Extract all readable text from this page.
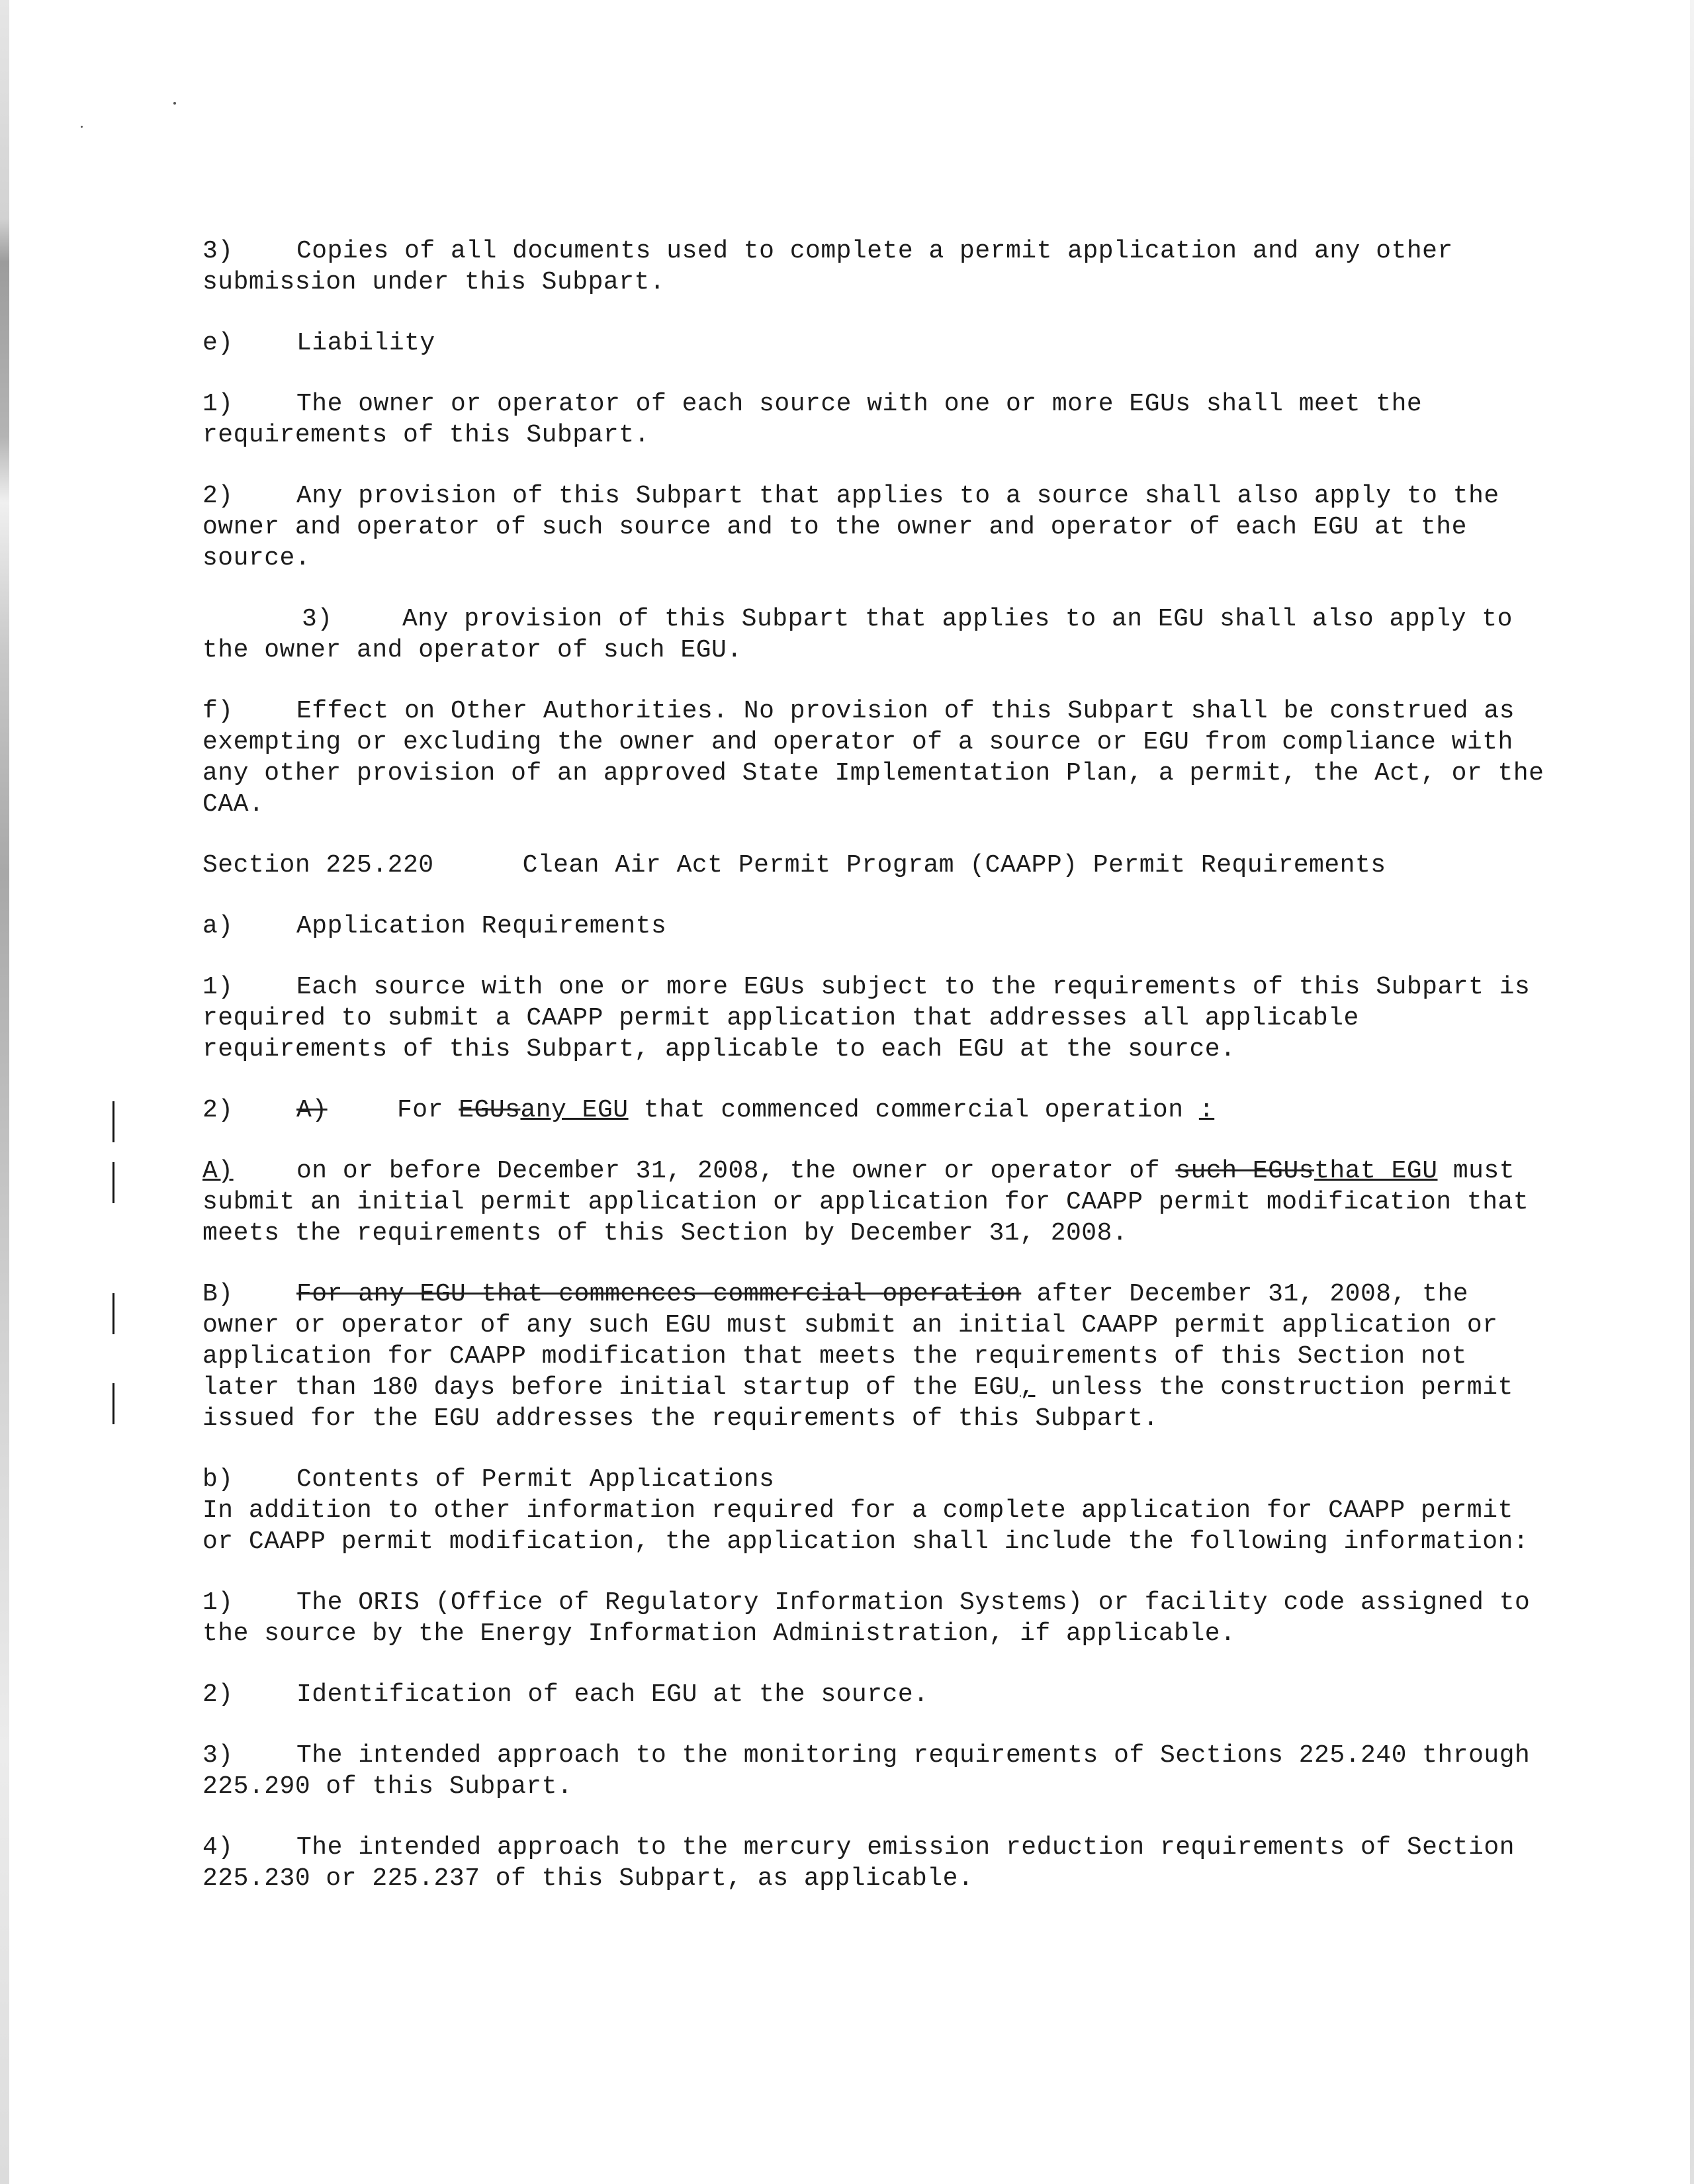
3)	Copies of all documents used to complete a permit application and any other submission under this Subpart.

e)	Liability

1)	The owner or operator of each source with one or more EGUs shall meet the requirements of this Subpart.

2)	Any provision of this Subpart that applies to a source shall also apply to the owner and operator of such source and to the owner and operator of each EGU at the source.

3)	Any provision of this Subpart that applies to an EGU shall also apply to the owner and operator of such EGU.

f)	Effect on Other Authorities. No provision of this Subpart shall be construed as exempting or excluding the owner and operator of a source or EGU from compliance with any other provision of an approved State Implementation Plan, a permit, the Act, or the CAA.

Section 225.220	Clean Air Act Permit Program (CAAPP) Permit Requirements

a)	Application Requirements

1)	Each source with one or more EGUs subject to the requirements of this Subpart is required to submit a CAAPP permit application that addresses all applicable requirements of this Subpart, applicable to each EGU at the source.

2)	A)	For EGUsany EGU that commenced commercial operation :

A)	on or before December 31, 2008, the owner or operator of such EGUsthat EGU must submit an initial permit application or application for CAAPP permit modification that meets the requirements of this Section by December 31, 2008.

B)	For any EGU that commences commercial operation after December 31, 2008, the owner or operator of any such EGU must submit an initial CAAPP permit application or application for CAAPP modification that meets the requirements of this Section not later than 180 days before initial startup of the EGU, unless the construction permit issued for the EGU addresses the requirements of this Subpart.

b)	Contents of Permit Applications
In addition to other information required for a complete application for CAAPP permit or CAAPP permit modification, the application shall include the following information:

1)	The ORIS (Office of Regulatory Information Systems) or facility code assigned to the source by the Energy Information Administration, if applicable.

2)	Identification of each EGU at the source.

3)	The intended approach to the monitoring requirements of Sections 225.240 through 225.290 of this Subpart.

4)	The intended approach to the mercury emission reduction requirements of Section 225.230 or 225.237 of this Subpart, as applicable.
